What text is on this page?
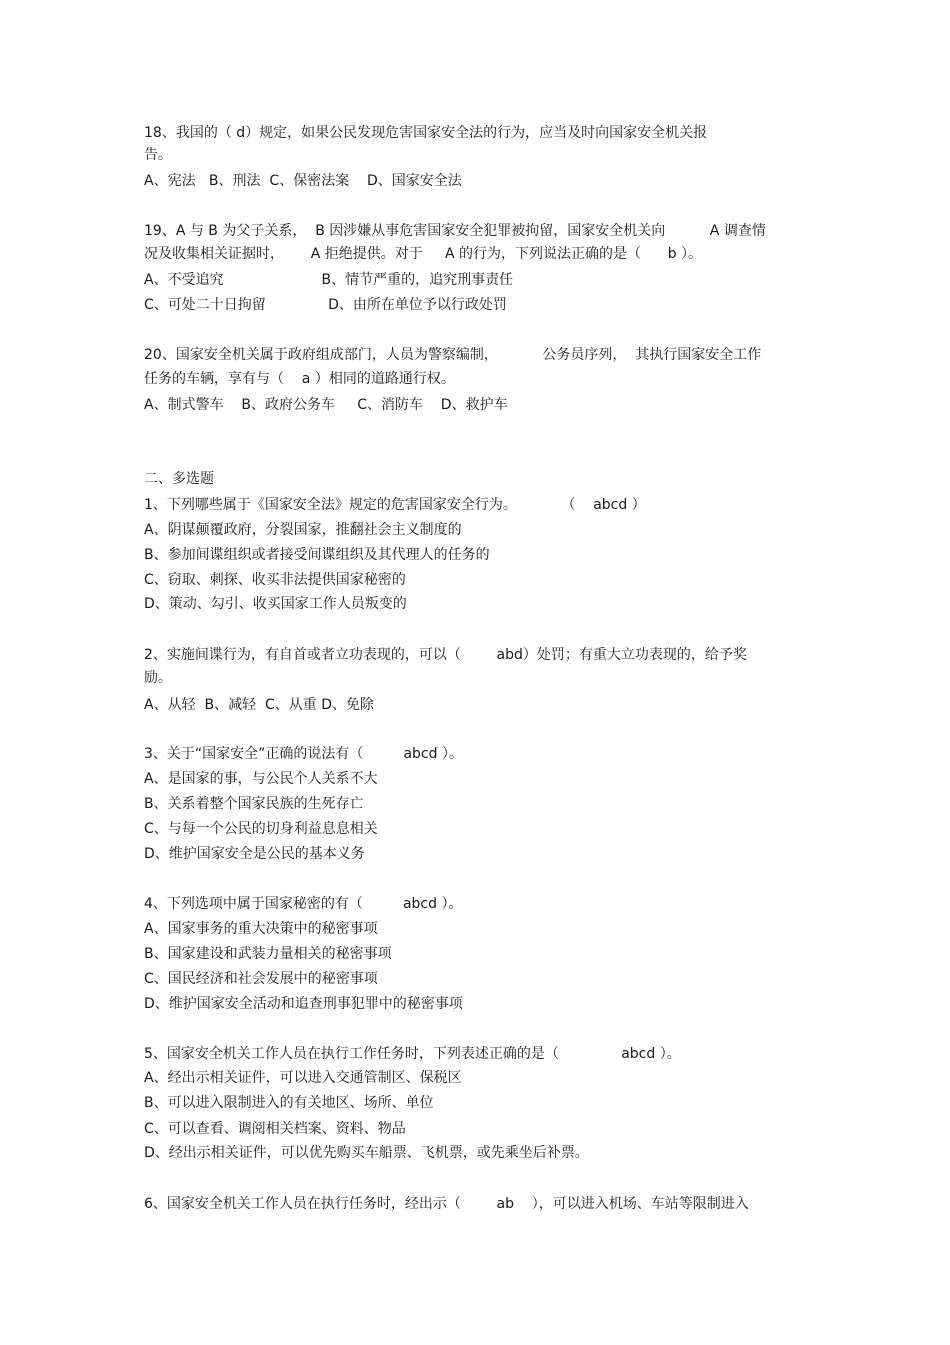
18、我国的（ d）规定，如果公民发现危害国家安全法的行为，应当及时向国家安全机关报

告。

A、宪法   B、刑法  C、保密法案    D、国家安全法

19、A 与 B 为父子关系，  B 因涉嫌从事危害国家安全犯罪被拘留，国家安全机关向          A 调查情

况及收集相关证据时，      A 拒绝提供。对于     A 的行为，下列说法正确的是（      b ）。

A、不受追究                      B、情节严重的，追究刑事责任

C、可处二十日拘留              D、由所在单位予以行政处罚

20、国家安全机关属于政府组成部门，人员为警察编制，          公务员序列，  其执行国家安全工作

任务的车辆，享有与（    a ）相同的道路通行权。

A、制式警车    B、政府公务车     C、消防车    D、救护车

二、多选题

1、下列哪些属于《国家安全法》规定的危害国家安全行为。          （    abcd ）

A、阴谋颠覆政府，分裂国家，推翻社会主义制度的

B、参加间谍组织或者接受间谍组织及其代理人的任务的

C、窃取、刺探、收买非法提供国家秘密的

D、策动、勾引、收买国家工作人员叛变的

2、实施间谍行为，有自首或者立功表现的，可以（        abd）处罚；有重大立功表现的，给予奖

励。

A、从轻  B、减轻  C、从重 D、免除

3、关于“国家安全”正确的说法有（         abcd ）。

A、是国家的事，与公民个人关系不大

B、关系着整个国家民族的生死存亡

C、与每一个公民的切身利益息息相关

D、维护国家安全是公民的基本义务

4、下列选项中属于国家秘密的有（         abcd ）。

A、国家事务的重大决策中的秘密事项

B、国家建设和武装力量相关的秘密事项

C、国民经济和社会发展中的秘密事项

D、维护国家安全活动和追查刑事犯罪中的秘密事项

5、国家安全机关工作人员在执行工作任务时，下列表述正确的是（              abcd ）。

A、经出示相关证件，可以进入交通管制区、保税区

B、可以进入限制进入的有关地区、场所、单位

C、可以查看、调阅相关档案、资料、物品

D、经出示相关证件，可以优先购买车船票、飞机票，或先乘坐后补票。

6、国家安全机关工作人员在执行任务时，经出示（        ab    ），可以进入机场、车站等限制进入
